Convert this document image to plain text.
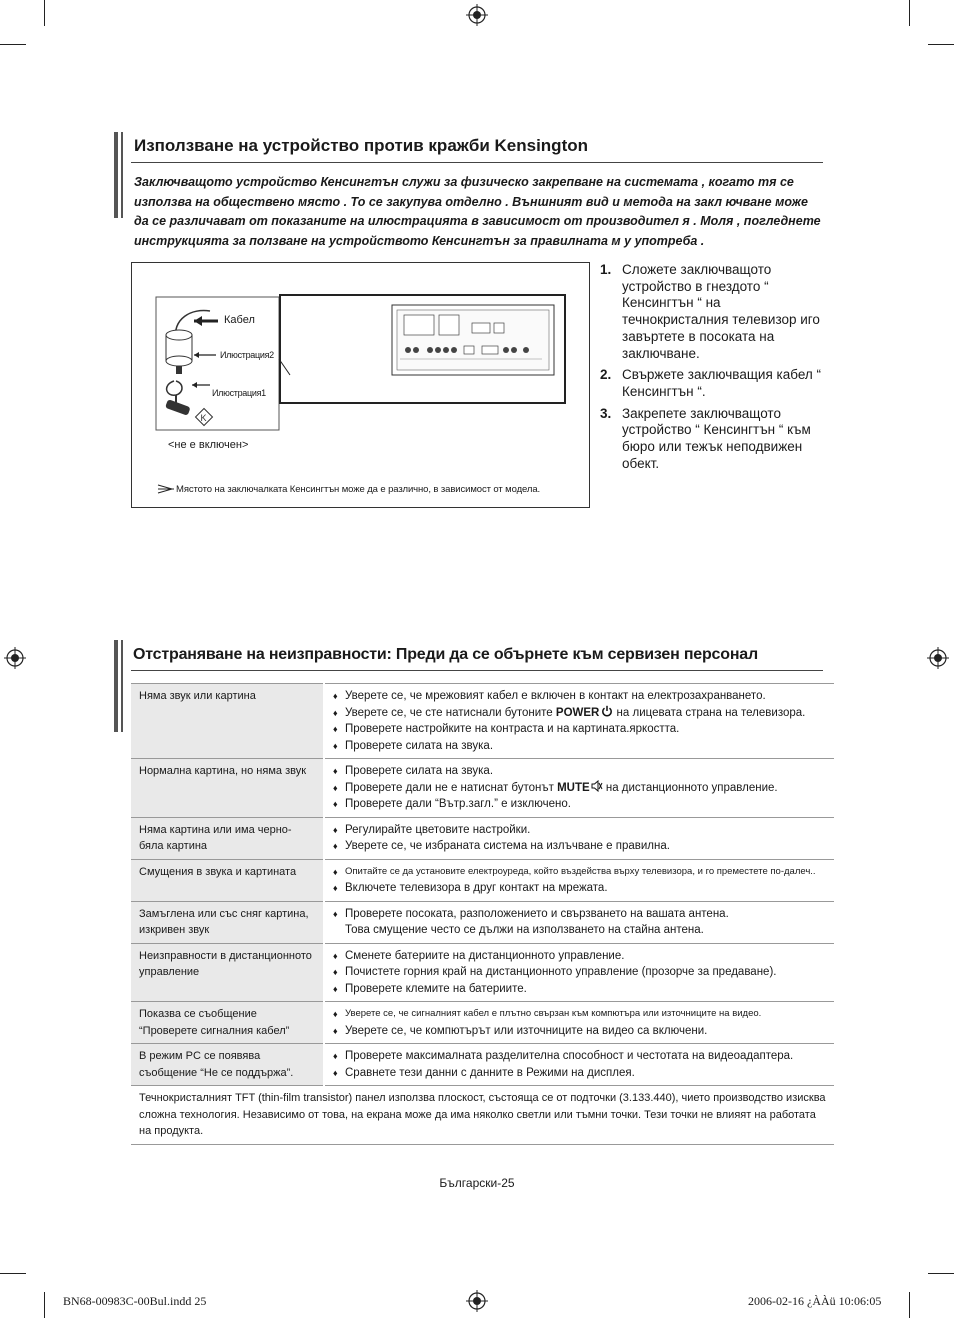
Използване на устройство против кражби Kensington
Заключващото устройство Кенсингтън служи за физическо закрепване на системата , когато тя се използва на обществено място . То се закупува отделно . Външният вид и метода на закл ючване може да се различават от показаните на илюстрацията в зависимост от производител я . Моля , погледнете инструкцията за ползване на устройството Кенсингтън за правилната м у употреба .
K
Кабел
Илюстрация2
Илюстрация1
<не е включен>
Мястото на заключалката Кенсингтън може да е различно, в зависимост от модела.
1. Сложете заключващото устройство в гнездото “ Кенсингтън “ на течнокристалния телевизор иго завъртете в посоката на заключване.
2. Свържете заключващия кабел “ Кенсингтън “.
3. Закрепете заключващото устройство “ Кенсингтън “ към бюро или тежък неподвижен обект.
Отстраняване на неизправности: Преди да се обърнете към сервизен персонал
Няма звук или картина	♦ Уверете се, че мрежовият кабел е включен в контакт на електрозахранването.
♦ Уверете се, че сте натиснали бутоните POWER на лицевата страна на телевизора.
♦ Проверете настройките на контраста и на картината.яркостта.
♦ Проверете силата на звука.

Нормална картина, но няма звук	♦ Проверете силата на звука.
♦ Проверете дали не е натиснат бутонът MUTE на дистанционното управление.
♦ Проверете дали “Вътр.загл.” е изключено.

Няма картина или има черно-бяла картина	♦ Регулирайте цветовите настройки.
♦ Уверете се, че избраната система на излъчване е правилна.

Смущения в звука и картината	♦ Опитайте се да установите електроуреда, който въздейства върху телевизора, и го преместете по-далеч..
♦ Включете телевизора в друг контакт на мрежата.

Замъглена или със сняг картина, изкривен звук	♦ Проверете посоката, разположението и свързването на вашата антена.
Това смущение често се дължи на използването на стайна антена.

Неизправности в дистанционното управление	♦ Сменете батериите на дистанционното управление.
♦ Почистете горния край на дистанционното управление (прозорче за предаване).
♦ Проверете клемите на батериите.

Показва се съобщение “Проверете сигналния кабел”	♦ Уверете се, че сигналният кабел е плътно свързан към компютъра или източниците на видео.
♦ Уверете се, че компютърът или източниците на видео са включени.

В режим PC се появява съобщение “Не се поддържа”.	♦ Проверете максималната разделителна способност и честотата на видеоадаптера.
♦ Сравнете тези данни с данните в Режими на дисплея.

Течнокристалният TFT (thin-film transistor) панел използва плоскост, състояща се от подточки (3.133.440), чието производство изисква сложна технология. Независимо от това, на екрана може да има няколко светли или тъмни точки. Тези точки не влияят на работата на продукта.	
Български-25
BN68-00983C-00Bul.indd 25	2006-02-16 ¿ÀÀü 10:06:05
